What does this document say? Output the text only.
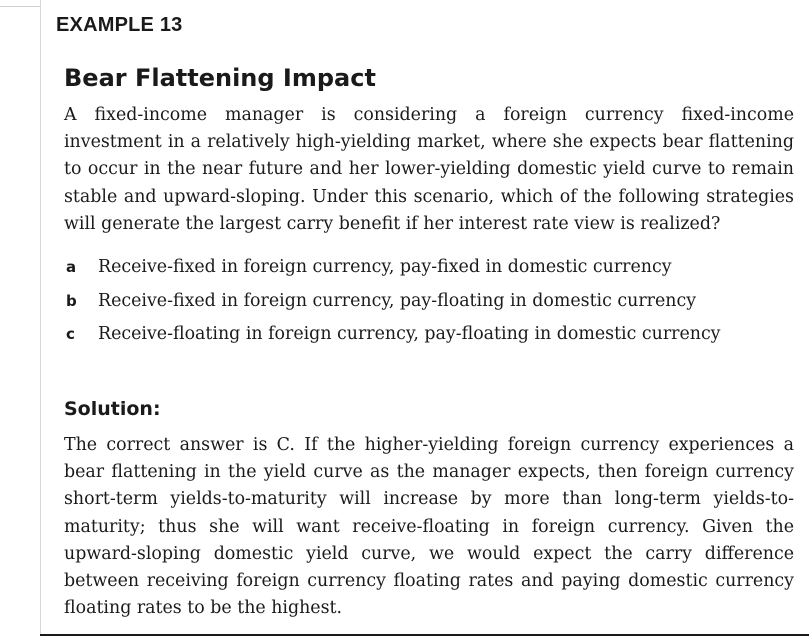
EXAMPLE 13
Bear Flattening Impact

A fixed-income manager is considering a foreign currency fixed-income investment in a relatively high-yielding market, where she expects bear flattening to occur in the near future and her lower-yielding domestic yield curve to remain stable and upward-sloping. Under this scenario, which of the following strategies will generate the largest carry benefit if her interest rate view is realized?

a	Receive-fixed in foreign currency, pay-fixed in domestic currency
b	Receive-fixed in foreign currency, pay-floating in domestic currency
c	Receive-floating in foreign currency, pay-floating in domestic currency
Solution:

The correct answer is C. If the higher-yielding foreign currency experiences a bear flattening in the yield curve as the manager expects, then foreign currency short-term yields-to-maturity will increase by more than long-term yields-to-maturity; thus she will want receive-floating in foreign currency. Given the upward-sloping domestic yield curve, we would expect the carry difference between receiving foreign currency floating rates and paying domestic currency floating rates to be the highest.
